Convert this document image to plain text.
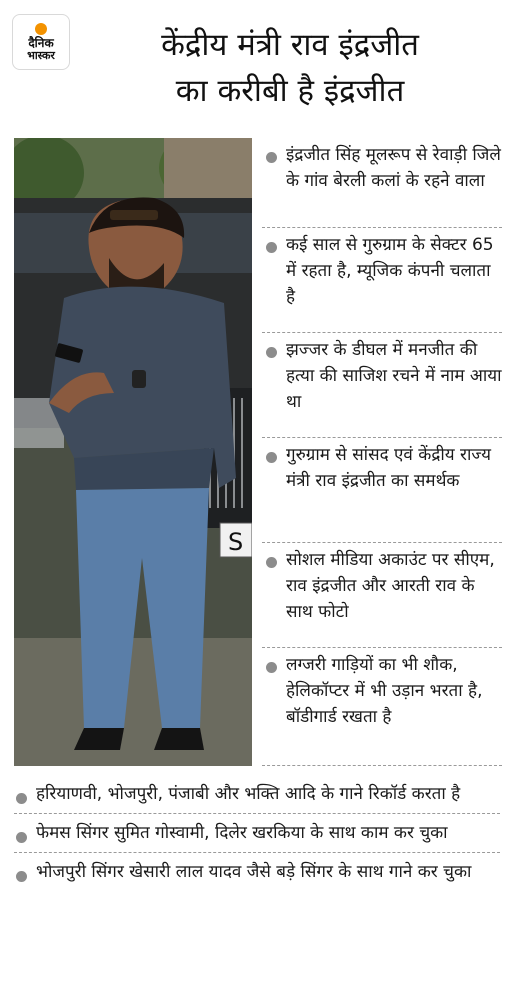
दैनिक
भास्कर	केंद्रीय मंत्री राव इंद्रजीत
का करीबी है इंद्रजीत
S
इंद्रजीत सिंह मूलरूप से रेवाड़ी जिले के गांव बेरली कलां के रहने वाला
कई साल से गुरुग्राम के सेक्टर 65 में रहता है, म्यूजिक कंपनी चलाता है
झज्जर के डीघल में मनजीत की हत्या की साजिश रचने में नाम आया था
गुरुग्राम से सांसद एवं केंद्रीय राज्य मंत्री राव इंद्रजीत का समर्थक
सोशल मीडिया अकाउंट पर सीएम, राव इंद्रजीत और आरती राव के साथ फोटो
लग्जरी गाड़ियों का भी शौक, हेलिकॉप्टर में भी उड़ान भरता है, बॉडीगार्ड रखता है
हरियाणवी, भोजपुरी, पंजाबी और भक्ति आदि के गाने रिकॉर्ड करता है
फेमस सिंगर सुमित गोस्वामी, दिलेर खरकिया के साथ काम कर चुका
भोजपुरी सिंगर खेसारी लाल यादव जैसे बड़े सिंगर के साथ गाने कर चुका
